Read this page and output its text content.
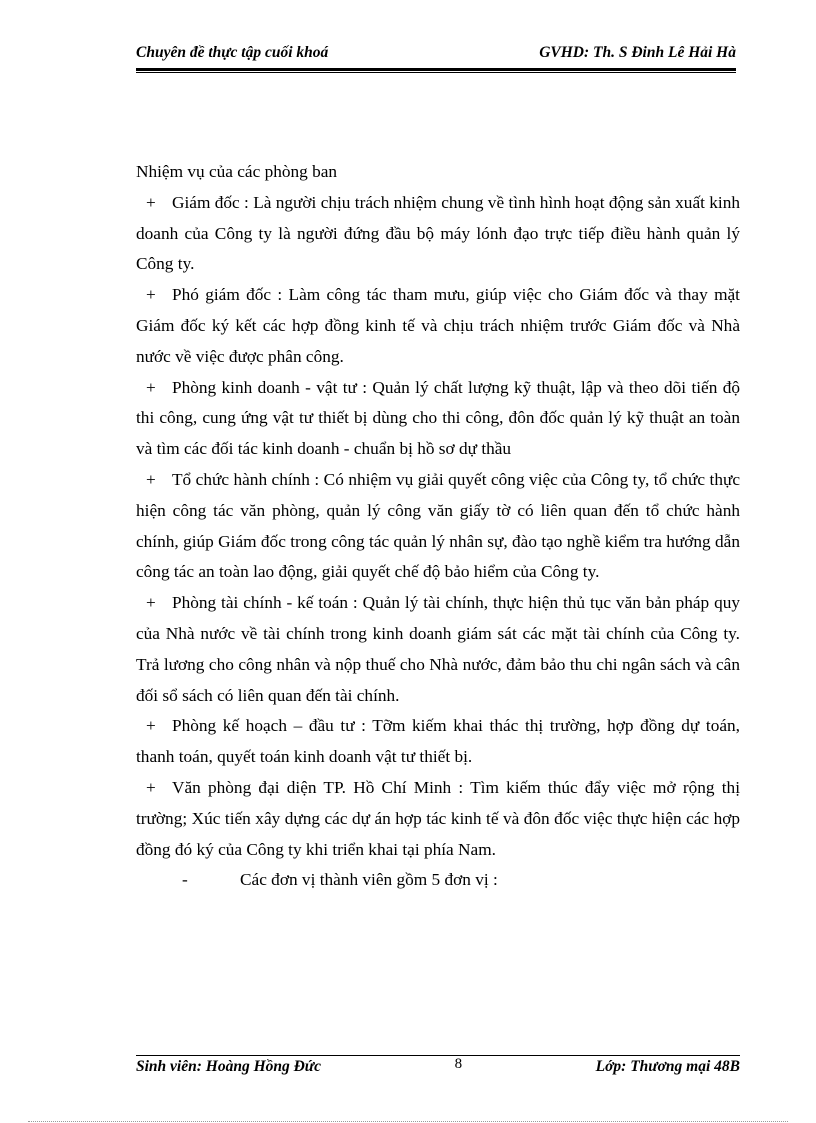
Chuyên đề thực tập cuối khoá	GVHD: Th. S Đinh Lê Hải Hà

Nhiệm vụ của các phòng ban

+ Giám đốc : Là người chịu trách nhiệm chung về tình hình hoạt động sản xuất kinh doanh của Công ty là người đứng đầu bộ máy lónh đạo trực tiếp điều hành quản lý Công ty.

+ Phó giám đốc : Làm công tác tham mưu, giúp việc cho Giám đốc và thay mặt Giám đốc ký kết các hợp đồng kinh tế và chịu trách nhiệm trước Giám đốc và Nhà nước về việc được phân công.

+ Phòng kinh doanh - vật tư : Quản lý chất lượng kỹ thuật, lập và theo dõi tiến độ thi công, cung ứng vật tư thiết bị dùng cho thi công, đôn đốc quản lý kỹ thuật an toàn và tìm các đối tác kinh doanh - chuẩn bị hồ sơ dự thầu

+ Tổ chức hành chính : Có nhiệm vụ giải quyết công việc của Công ty, tổ chức thực hiện công tác văn phòng, quản lý công văn giấy tờ có liên quan đến tổ chức hành chính, giúp Giám đốc trong công tác quản lý nhân sự, đào tạo nghề kiểm tra hướng dẫn công tác an toàn lao động, giải quyết chế độ bảo hiểm của Công ty.

+ Phòng tài chính - kế toán : Quản lý tài chính, thực hiện thủ tục văn bản pháp quy của Nhà nước về tài chính trong kinh doanh giám sát các mặt tài chính của Công ty. Trả lương cho công nhân và nộp thuế cho Nhà nước, đảm bảo thu chi ngân sách và cân đối sổ sách có liên quan đến tài chính.

+ Phòng kế hoạch – đầu tư : Tỡm kiếm khai thác thị trường, hợp đồng dự toán, thanh toán, quyết toán kinh doanh vật tư thiết bị.

+ Văn phòng đại diện TP. Hồ Chí Minh : Tìm kiếm thúc đẩy việc mở rộng thị trường; Xúc tiến xây dựng các dự án hợp tác kinh tế và đôn đốc việc thực hiện các hợp đồng đó ký của Công ty khi triển khai tại phía Nam.

-	Các đơn vị thành viên gồm 5 đơn vị :

Sinh viên: Hoàng Hồng Đức	8	Lớp: Thương mại 48B
